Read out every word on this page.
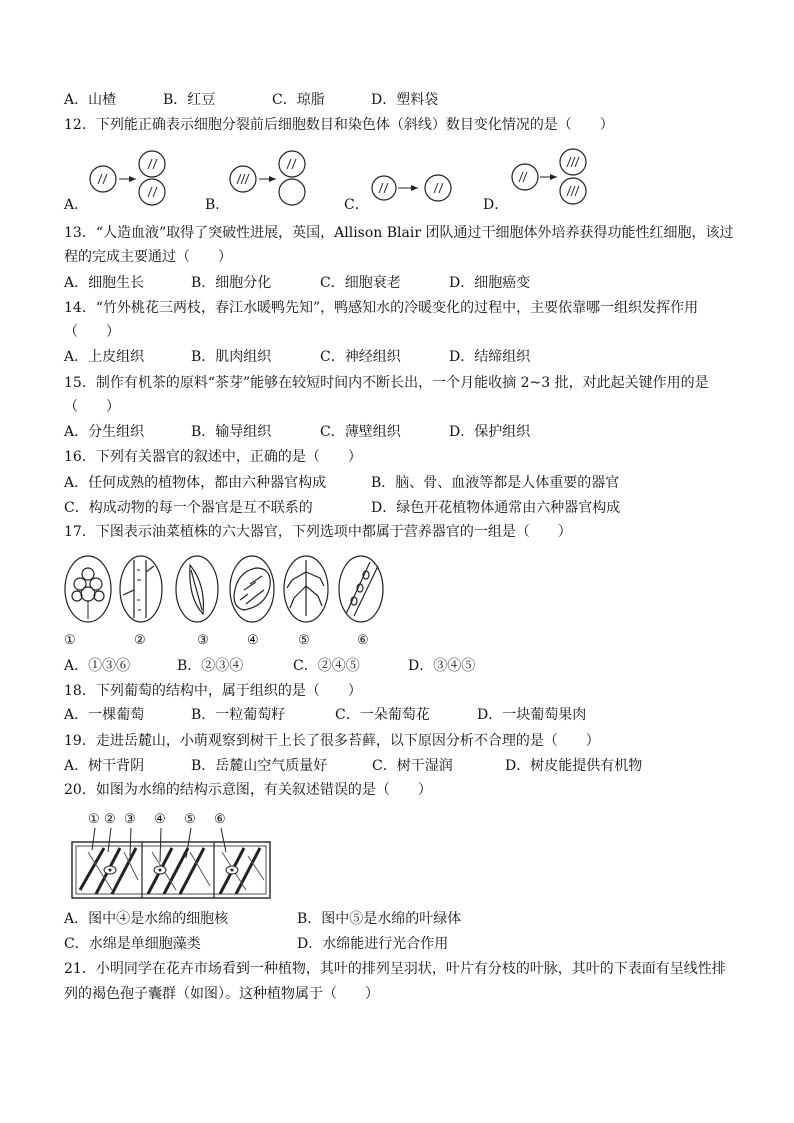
A．山楂	B．红豆	C．琼脂	D．塑料袋
12．下列能正确表示细胞分裂前后细胞数目和染色体（斜线）数目变化情况的是（　　）
A．	B．	C．	D．
13．“人造血液”取得了突破性进展，英国，Allison Blair 团队通过干细胞体外培养获得功能性红细胞，该过
程的完成主要通过（　　）
A．细胞生长	B．细胞分化	C．细胞衰老	D．细胞癌变
14．“竹外桃花三两枝，春江水暖鸭先知”，鸭感知水的冷暖变化的过程中，主要依靠哪一组织发挥作用
（　　）
A．上皮组织	B．肌肉组织	C．神经组织	D．结缔组织
15．制作有机茶的原料“茶芽”能够在较短时间内不断长出，一个月能收摘 2~3 批，对此起关键作用的是
（　　）
A．分生组织	B．输导组织	C．薄壁组织	D．保护组织
16．下列有关器官的叙述中，正确的是（　　）
A．任何成熟的植物体，都由六种器官构成	B．脑、骨、血液等都是人体重要的器官
C．构成动物的每一个器官是互不联系的	D．绿色开花植物体通常由六种器官构成
17．下图表示油菜植株的六大器官，下列选项中都属于营养器官的一组是（　　）
①	②	③	④	⑤	⑥
A．①③⑥	B．②③④	C．②④⑤	D．③④⑤
18．下列葡萄的结构中，属于组织的是（　　）
A．一棵葡萄	B．一粒葡萄籽	C．一朵葡萄花	D．一块葡萄果肉
19．走进岳麓山，小萌观察到树干上长了很多苔藓，以下原因分析不合理的是（　　）
A．树干背阴	B．岳麓山空气质量好	C．树干湿润	D．树皮能提供有机物
20．如图为水绵的结构示意图，有关叙述错误的是（　　）
① ② ③ ④ ⑤ ⑥
A．图中④是水绵的细胞核	B．图中⑤是水绵的叶绿体
C．水绵是单细胞藻类	D．水绵能进行光合作用
21．小明同学在花卉市场看到一种植物，其叶的排列呈羽状，叶片有分枝的叶脉，其叶的下表面有呈线性排
列的褐色孢子囊群（如图）。这种植物属于（　　）
